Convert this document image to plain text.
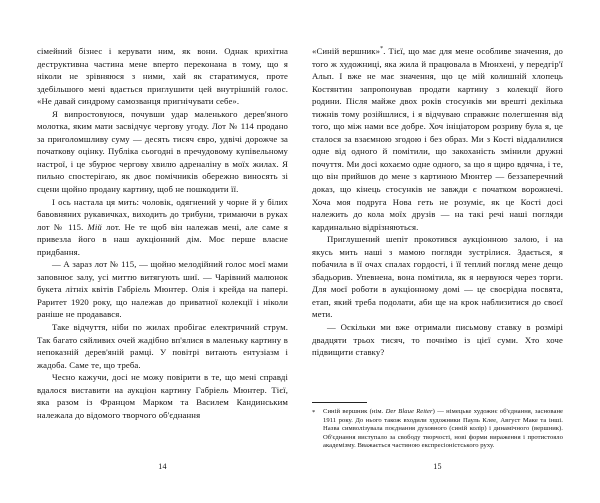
сімейний бізнес і керувати ним, як вони. Однак крихітна деструктивна частина мене вперто переконана в тому, що я ніколи не зрівняюся з ними, хай як старатимуся, проте здебільшого мені вдається приглушити цей внутрішній голос. «Не давай синдрому самозванця пригнічувати себе».

Я випростовуюся, почувши удар маленького дерев'яного молотка, яким мати засвідчує чергову угоду. Лот № 114 продано за приголомшливу суму — десять тисяч євро, удвічі дорожче за початкову оцінку. Публіка сьогодні в пречудовому купівельному настрої, і це збурює чергову хвилю адреналіну в моїх жилах. Я пильно спостерігаю, як двоє помічників обережно виносять зі сцени щойно продану картину, щоб не пошкодити її.

І ось настала ця мить: чоловік, одягнений у чорне й у білих бавовняних рукавичках, виходить до трибуни, тримаючи в руках лот № 115. Мій лот. Не те щоб він належав мені, але саме я привезла його в наш аукціонний дім. Моє перше власне придбання.

— А зараз лот № 115, — щойно мелодійний голос моєї мами заповнює залу, усі миттю витягують шиї. — Чарівний малюнок букета літніх квітів Габріель Мюнтер. Олія і крейда на папері. Раритет 1920 року, що належав до приватної колекції і ніколи раніше не продавався.

Таке відчуття, ніби по жилах пробігає електричний струм. Так багато сяйливих очей жадібно вп'ялися в маленьку картину в непоказній дерев'яній рамці. У повітрі витають ентузіазм і жадоба. Саме те, що треба.

Чесно кажучи, досі не можу повірити в те, що мені справді вдалося виставити на аукціон картину Габріель Мюнтер. Тієї, яка разом із Францом Марком та Василем Кандинським належала до відомого творчого об'єднання

14

«Синій вершник»*. Тієї, що має для мене особливе значення, до того ж художниці, яка жила й працювала в Мюнхені, у передгір'ї Альп. І вже не має значення, що це мій колишній хлопець Костянтин запропонував продати картину з колекції його родини. Після майже двох років стосунків ми врешті декілька тижнів тому розійшлися, і я відчуваю справжнє полегшення від того, що між нами все добре. Хоч ініціатором розриву була я, це сталося за взаємною згодою і без образ. Ми з Кості віддалилися одне від одного й помітили, що закоханість змінили дружні почуття. Ми досі кохаємо одне одного, за що я щиро вдячна, і те, що він прийшов до мене з картиною Мюнтер — беззаперечний доказ, що кінець стосунків не завжди є початком ворожнечі. Хоча моя подруга Нова геть не розуміє, як це Кості досі належить до кола моїх друзів — на такі речі наші погляди кардинально відрізняються.

Приглушений шепіт прокотився аукціонною залою, і на якусь мить наші з мамою погляди зустрілися. Здається, я побачила в її очах спалах гордості, і її теплий погляд мене дещо збадьорив. Упевнена, вона помітила, як я нервуюся через торги. Для моєї роботи в аукціонному домі — це своєрідна посвята, етап, який треба подолати, аби ще на крок наблизитися до своєї мети.

— Оскільки ми вже отримали письмову ставку в розмірі двадцяти трьох тисяч, то почнімо із цієї суми. Хто хоче підвищити ставку?

*	Синій вершник (нім. Der Blaue Reiter) — німецьке художнє об'єднання, засноване 1911 року. До нього також входили художники Пауль Клее, Август Маке та інші. Назва символізувала поєднання духовного (синій колір) і динамічного (вершник). Об'єднання виступало за свободу творчості, нові форми вираження і протистояло академізму. Вважається частиною експресіоністського руху.
15
